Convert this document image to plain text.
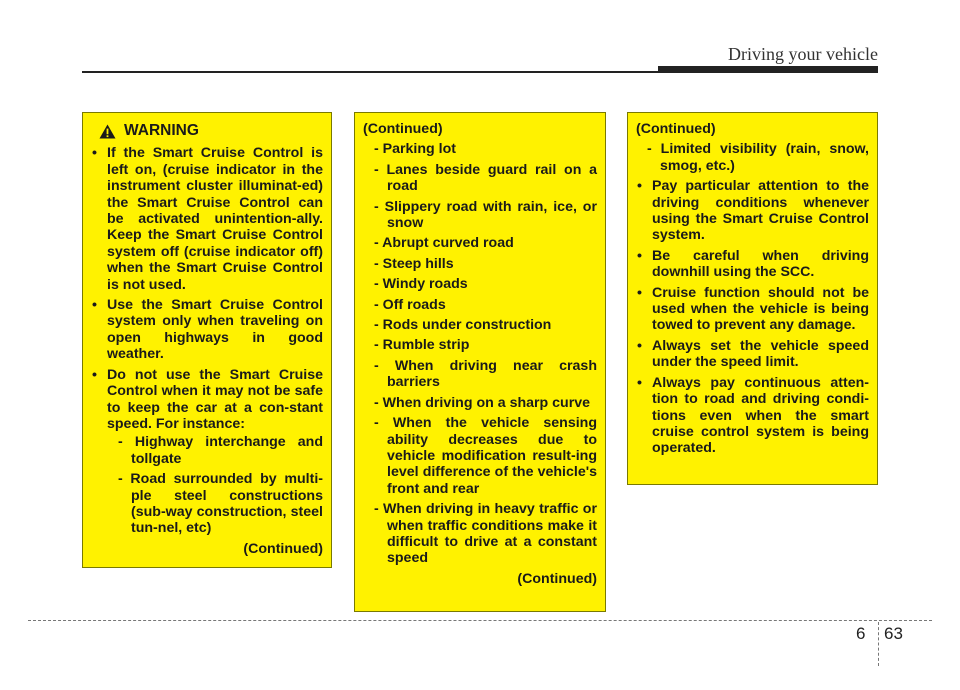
Driving your vehicle
WARNING
• If the Smart Cruise Control is left on, (cruise indicator in the instrument cluster illuminat-ed) the Smart Cruise Control can be activated unintention-ally. Keep the Smart Cruise Control system off (cruise indicator off) when the Smart Cruise Control is not used.
• Use the Smart Cruise Control system only when traveling on open highways in good weather.
• Do not use the Smart Cruise Control when it may not be safe to keep the car at a con-stant speed. For instance:
- Highway interchange and tollgate
- Road surrounded by multi-ple steel constructions (sub-way construction, steel tun-nel, etc)
(Continued)
(Continued)
- Parking lot
- Lanes beside guard rail on a road
- Slippery road with rain, ice, or snow
- Abrupt curved road
- Steep hills
- Windy roads
- Off roads
- Rods under construction
- Rumble strip
- When driving near crash barriers
- When driving on a sharp curve
- When the vehicle sensing ability decreases due to vehicle modification result-ing level difference of the vehicle's front and rear
- When driving in heavy traffic or when traffic conditions make it difficult to drive at a constant speed
(Continued)
(Continued)
- Limited visibility (rain, snow, smog, etc.)
• Pay particular attention to the driving conditions whenever using the Smart Cruise Control system.
• Be careful when driving downhill using the SCC.
• Cruise function should not be used when the vehicle is being towed to prevent any damage.
• Always set the vehicle speed under the speed limit.
• Always pay continuous atten-tion to road and driving condi-tions even when the smart cruise control system is being operated.
6 63
